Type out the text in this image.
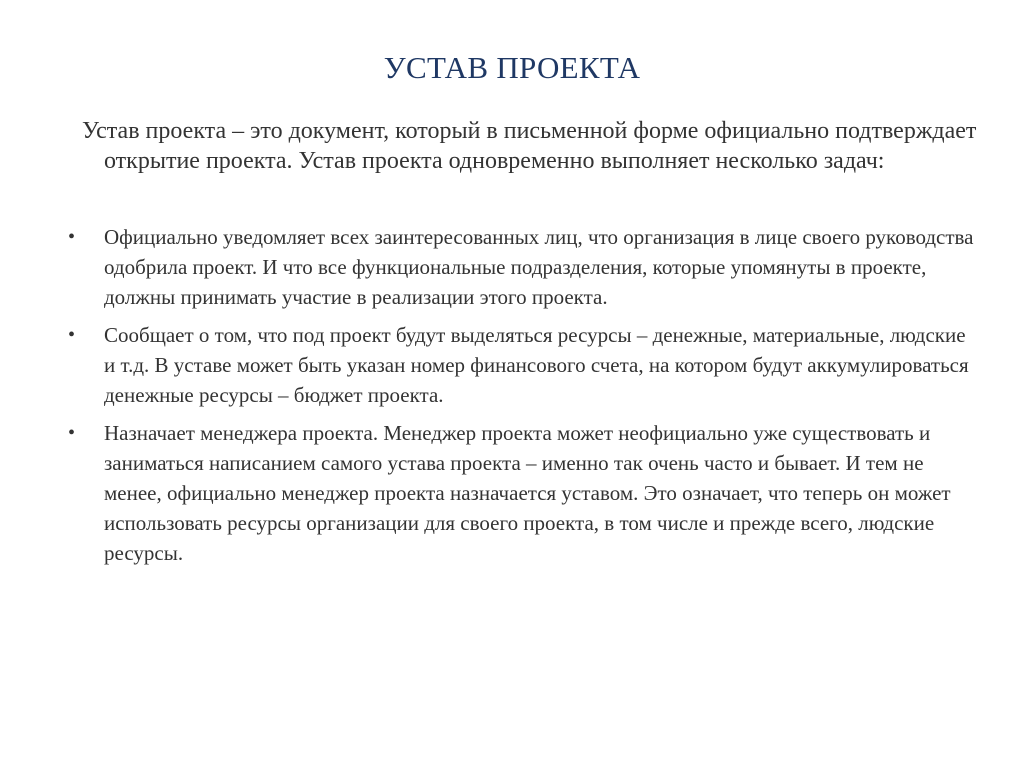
УСТАВ ПРОЕКТА
Устав проекта – это документ, который в письменной форме официально подтверждает открытие проекта. Устав проекта одновременно выполняет несколько задач:
• Официально уведомляет всех заинтересованных лиц, что организация в лице своего руководства одобрила проект. И что все функциональные подразделения, которые упомянуты в проекте, должны принимать участие в реализации этого проекта.
• Сообщает о том, что под проект будут выделяться ресурсы – денежные, материальные, людские и т.д. В уставе может быть указан номер финансового счета, на котором будут аккумулироваться денежные ресурсы – бюджет проекта.
• Назначает менеджера проекта. Менеджер проекта может неофициально уже существовать и заниматься написанием самого устава проекта – именно так очень часто и бывает. И тем не менее, официально менеджер проекта назначается уставом. Это означает, что теперь он может использовать ресурсы организации для своего проекта, в том числе и прежде всего, людские ресурсы.
